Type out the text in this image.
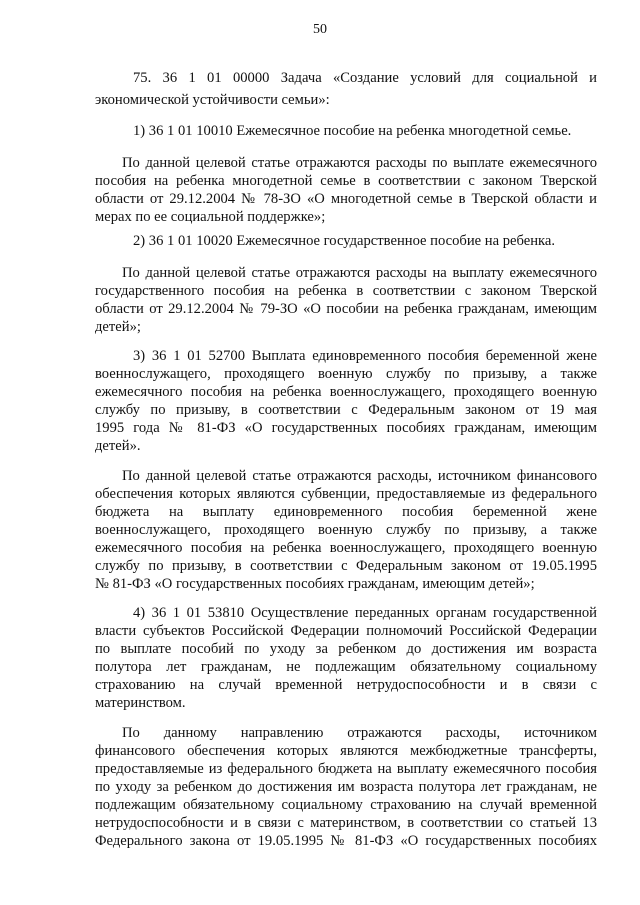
50
75. 36 1 01 00000 Задача «Создание условий для социальной и
экономической устойчивости семьи»:
1) 36 1 01 10010 Ежемесячное пособие на ребенка многодетной семье.
По данной целевой статье отражаются расходы по выплате ежемесячного
пособия на ребенка многодетной семье в соответствии с законом Тверской
области от 29.12.2004 № 78-ЗО «О многодетной семье в Тверской области и
мерах по ее социальной поддержке»;
2) 36 1 01 10020 Ежемесячное государственное пособие на ребенка.
По данной целевой статье отражаются расходы на выплату ежемесячного
государственного пособия на ребенка в соответствии с законом Тверской
области от 29.12.2004 № 79-ЗО «О пособии на ребенка гражданам, имеющим
детей»;
3) 36 1 01 52700 Выплата единовременного пособия беременной жене
военнослужащего, проходящего военную службу по призыву, а также
ежемесячного пособия на ребенка военнослужащего, проходящего военную
службу по призыву, в соответствии с Федеральным законом от 19 мая
1995 года № 81-ФЗ «О государственных пособиях гражданам, имеющим
детей».
По данной целевой статье отражаются расходы, источником финансового
обеспечения которых являются субвенции, предоставляемые из федерального
бюджета на выплату единовременного пособия беременной жене
военнослужащего, проходящего военную службу по призыву, а также
ежемесячного пособия на ребенка военнослужащего, проходящего военную
службу по призыву, в соответствии с Федеральным законом от 19.05.1995
№ 81-ФЗ «О государственных пособиях гражданам, имеющим детей»;
4) 36 1 01 53810 Осуществление переданных органам государственной
власти субъектов Российской Федерации полномочий Российской Федерации
по выплате пособий по уходу за ребенком до достижения им возраста
полутора лет гражданам, не подлежащим обязательному социальному
страхованию на случай временной нетрудоспособности и в связи с
материнством.
По данному направлению отражаются расходы, источником
финансового обеспечения которых являются межбюджетные трансферты,
предоставляемые из федерального бюджета на выплату ежемесячного пособия
по уходу за ребенком до достижения им возраста полутора лет гражданам, не
подлежащим обязательному социальному страхованию на случай временной
нетрудоспособности и в связи с материнством, в соответствии со статьей 13
Федерального закона от 19.05.1995 № 81-ФЗ «О государственных пособиях
